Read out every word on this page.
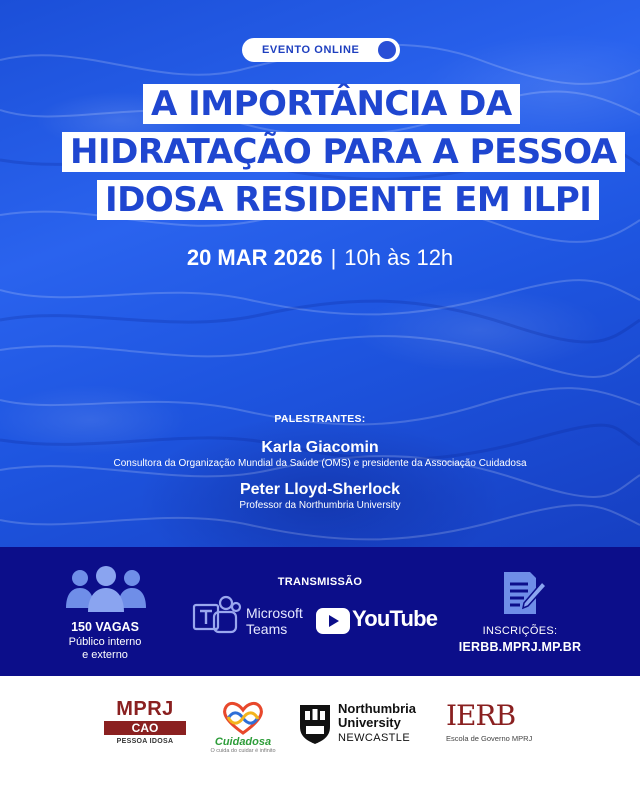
EVENTO ONLINE
A IMPORTÂNCIA DA
HIDRATAÇÃO PARA A PESSOA
IDOSA RESIDENTE EM ILPI
20 MAR 2026 | 10h às 12h
PALESTRANTES:
Karla Giacomin
Consultora da Organização Mundial da Saúde (OMS) e presidente da Associação Cuidadosa
Peter Lloyd-Sherlock
Professor da Northumbria University
150 VAGAS
Público interno
e externo
TRANSMISSÃO
Microsoft
Teams	YouTube	INSCRIÇÕES:
IERBB.MPRJ.MP.BR
MPRJ
CAO
PESSOA IDOSA	Cuidadosa
O cuida do cuidar é infinito
Northumbria
University
NEWCASTLE
IERB
Escola de Governo MPRJ
